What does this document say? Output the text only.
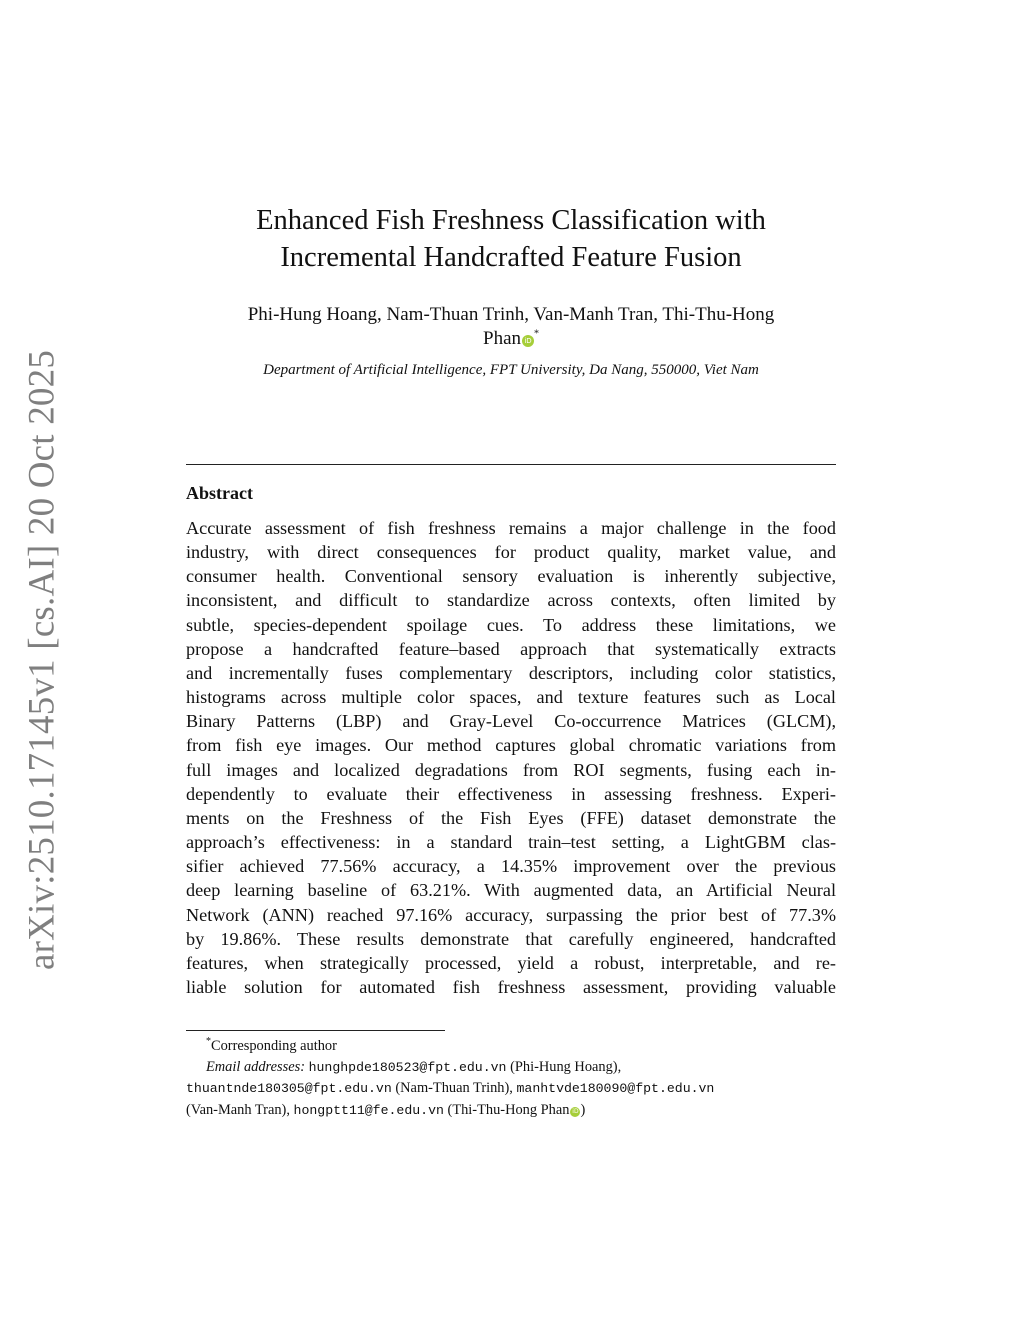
arXiv:2510.17145v1 [cs.AI] 20 Oct 2025
Enhanced Fish Freshness Classification with
Incremental Handcrafted Feature Fusion
Phi-Hung Hoang, Nam-Thuan Trinh, Van-Manh Tran, Thi-Thu-Hong
Phan iD*
Department of Artificial Intelligence, FPT University, Da Nang, 550000, Viet Nam
Abstract
Accurate assessment of fish freshness remains a major challenge in the food
industry, with direct consequences for product quality, market value, and
consumer health. Conventional sensory evaluation is inherently subjective,
inconsistent, and difficult to standardize across contexts, often limited by
subtle, species-dependent spoilage cues. To address these limitations, we
propose a handcrafted feature–based approach that systematically extracts
and incrementally fuses complementary descriptors, including color statistics,
histograms across multiple color spaces, and texture features such as Local
Binary Patterns (LBP) and Gray-Level Co-occurrence Matrices (GLCM),
from fish eye images. Our method captures global chromatic variations from
full images and localized degradations from ROI segments, fusing each in-
dependently to evaluate their effectiveness in assessing freshness. Experi-
ments on the Freshness of the Fish Eyes (FFE) dataset demonstrate the
approach’s effectiveness: in a standard train–test setting, a LightGBM clas-
sifier achieved 77.56% accuracy, a 14.35% improvement over the previous
deep learning baseline of 63.21%. With augmented data, an Artificial Neural
Network (ANN) reached 97.16% accuracy, surpassing the prior best of 77.3%
by 19.86%. These results demonstrate that carefully engineered, handcrafted
features, when strategically processed, yield a robust, interpretable, and re-
liable solution for automated fish freshness assessment, providing valuable
*Corresponding author
Email addresses: hunghpde180523@fpt.edu.vn (Phi-Hung Hoang),
thuantnde180305@fpt.edu.vn (Nam-Thuan Trinh), manhtvde180090@fpt.edu.vn
(Van-Manh Tran), hongptt11@fe.edu.vn (Thi-Thu-Hong Phan iD )
